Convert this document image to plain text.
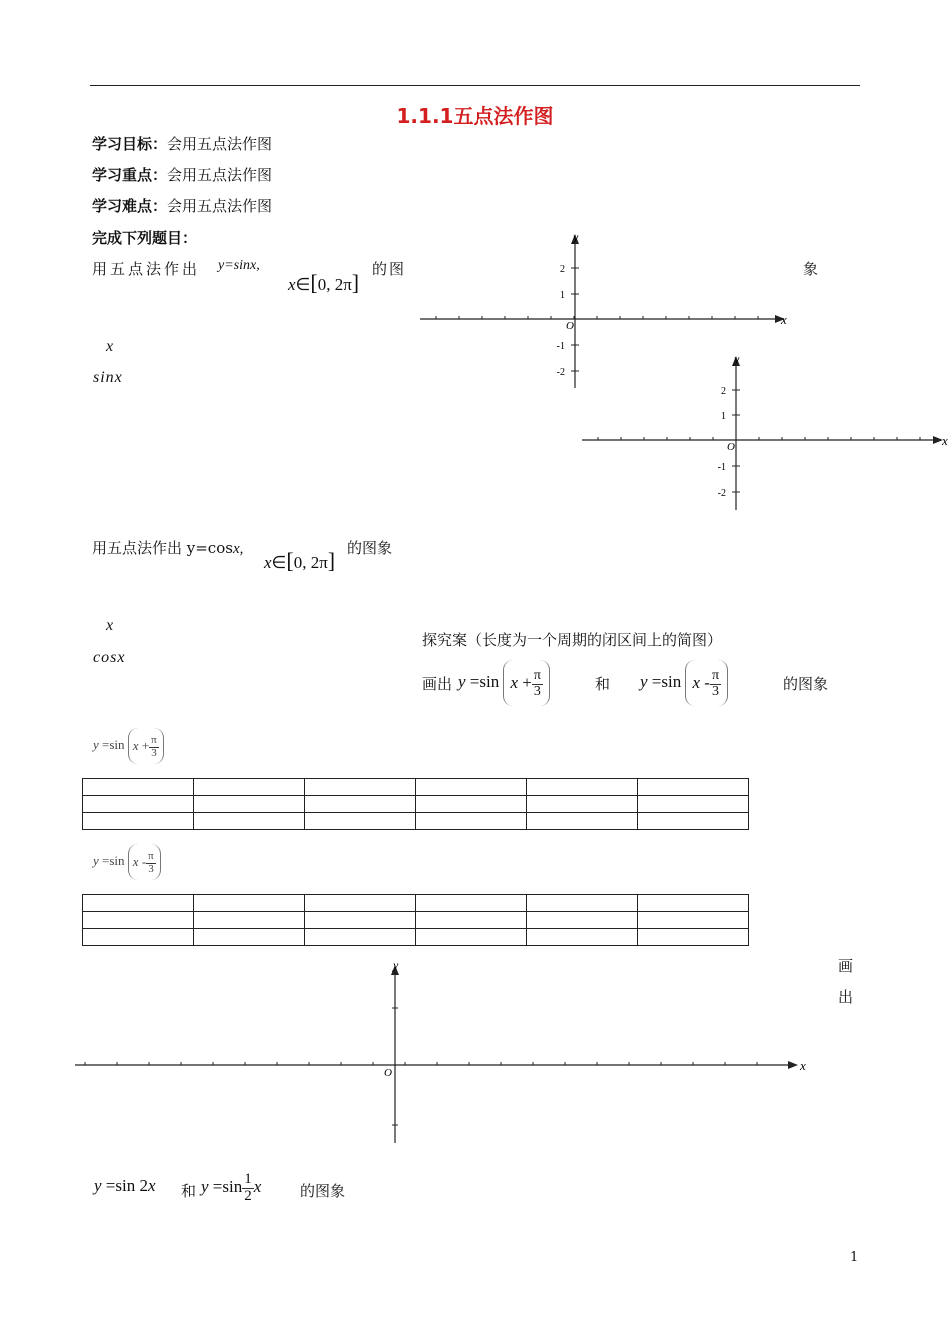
1.1.1五点法作图
学习目标：会用五点法作图
学习重点：会用五点法作图
学习难点：会用五点法作图
完成下列题目：
用五点法作出 y=sinx,
x∈[0, 2π]
的图	象
x
sinx
2
1
-1
-2
O	x
y
2
1
-1
-2
O	x
y
用五点法作出 y=cosx,
x∈[0, 2π] 的图象
x
cosx
探究案（长度为一个周期的闭区间上的简图）
画出 y =sin $x + \frac{\pi}{3}$	和 y =sin x - $\frac{\pi}{3}$	的图象
y =sin $x + \frac{\pi}{3}$

y =sin x - $\frac{\pi}{3}$

画
出
O	x
y
y =sin 2x 和 $y =\sin \frac{1}{2}$ x	的图象
1
